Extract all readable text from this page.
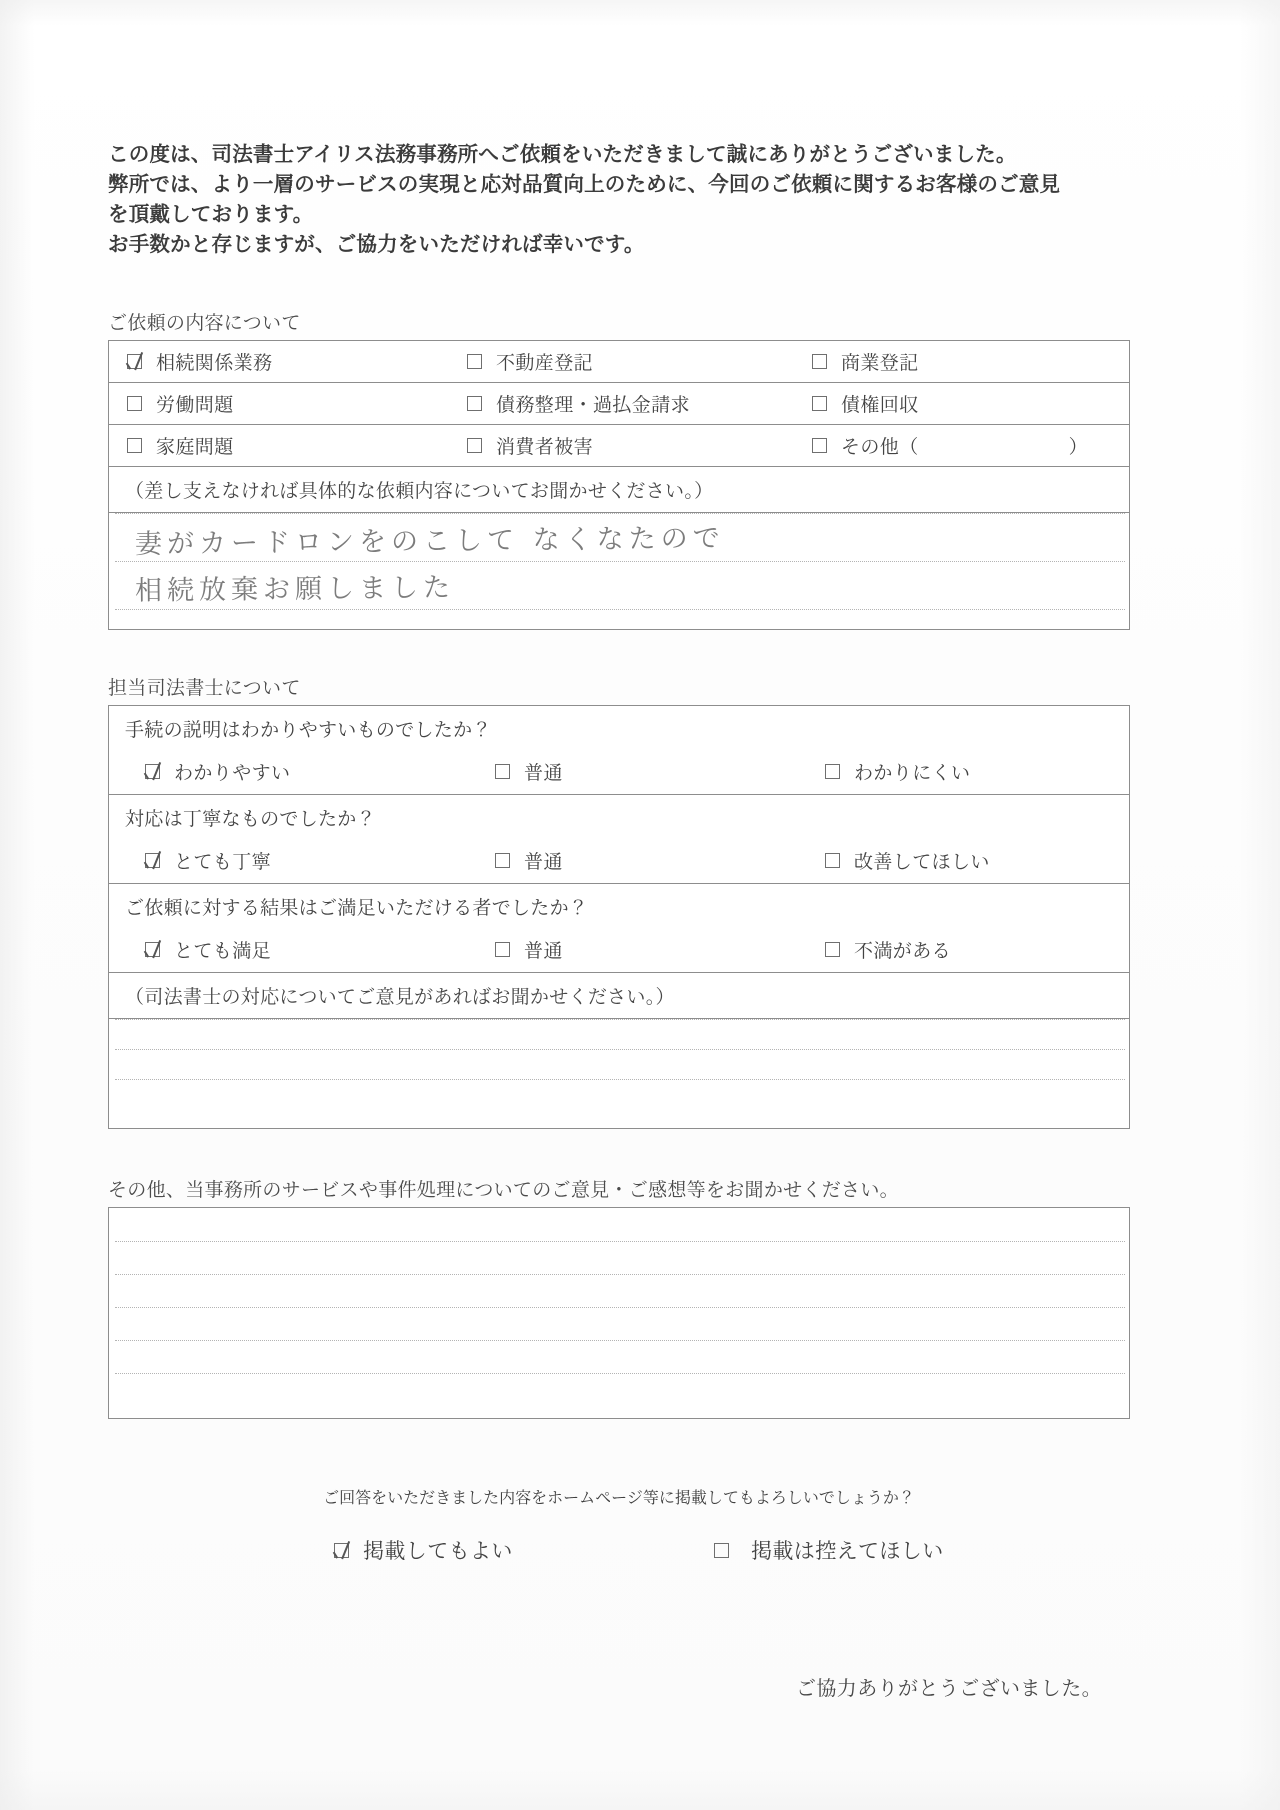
この度は、司法書士アイリス法務事務所へご依頼をいただきまして誠にありがとうございました。

弊所では、より一層のサービスの実現と応対品質向上のために、今回のご依頼に関するお客様のご意見

を頂戴しております。

お手数かと存じますが、ご協力をいただければ幸いです。

ご依頼の内容について
相続関係業務	不動産登記	商業登記
労働問題	債務整理・過払金請求	債権回収
家庭問題	消費者被害	その他（	）
（差し支えなければ具体的な依頼内容についてお聞かせください。）
妻がカードロンをのこして なくなたので
相続放棄お願しました
担当司法書士について
手続の説明はわかりやすいものでしたか？
わかりやすい	普通	わかりにくい
対応は丁寧なものでしたか？
とても丁寧	普通	改善してほしい
ご依頼に対する結果はご満足いただける者でしたか？
とても満足	普通	不満がある
（司法書士の対応についてご意見があればお聞かせください。）
その他、当事務所のサービスや事件処理についてのご意見・ご感想等をお聞かせください。
ご回答をいただきました内容をホームページ等に掲載してもよろしいでしょうか？
掲載してもよい	掲載は控えてほしい
ご協力ありがとうございました。
